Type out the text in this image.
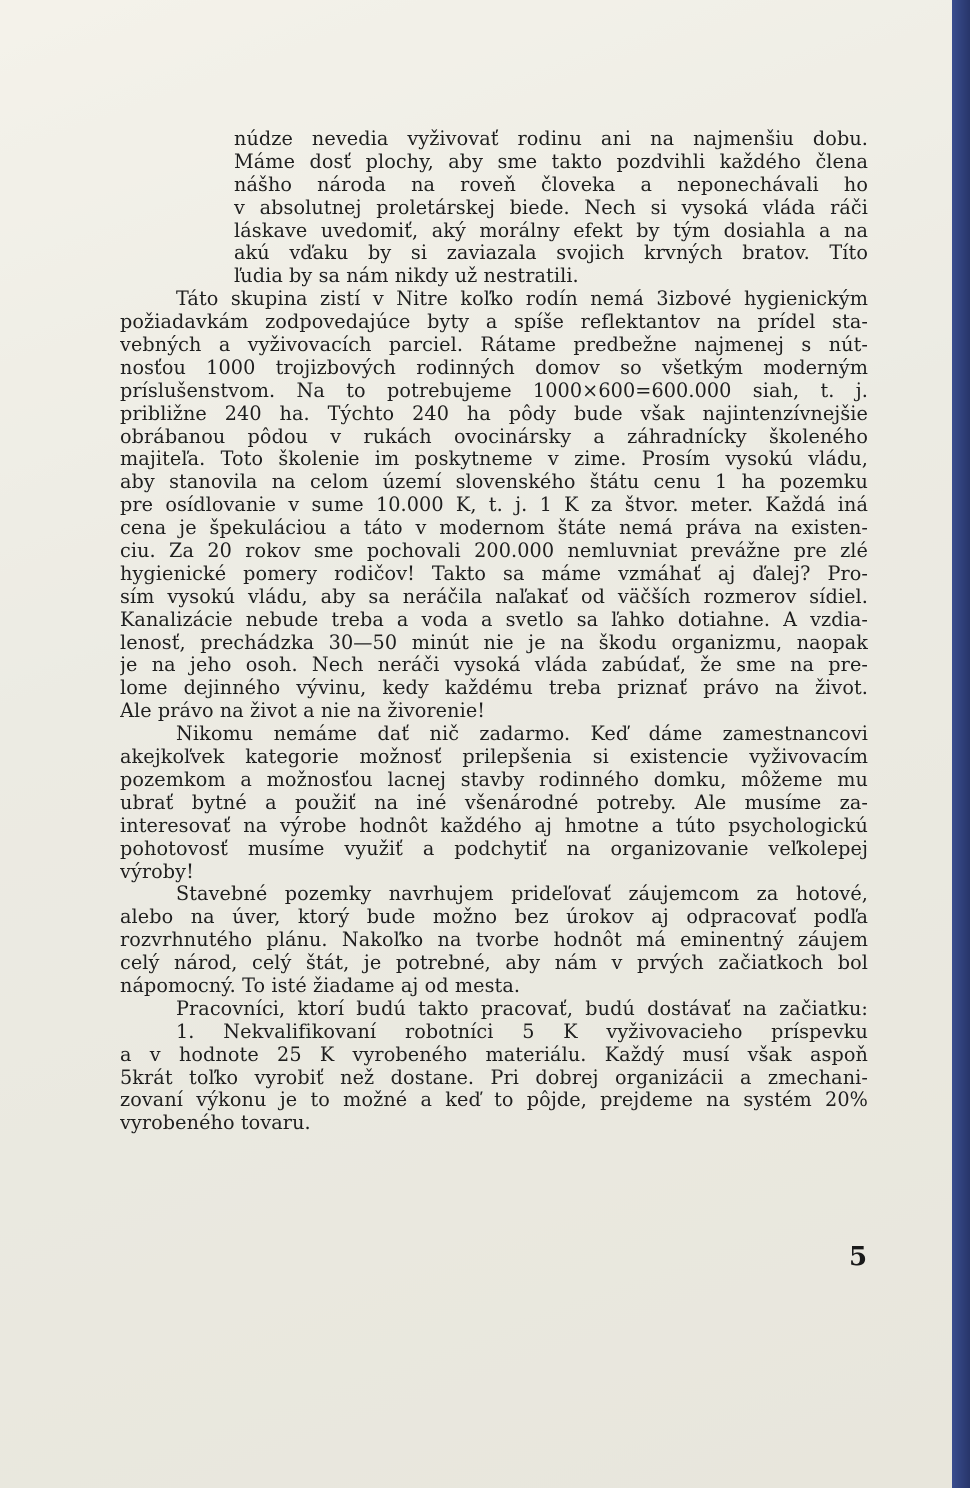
núdze nevedia vyživovať rodinu ani na najmenšiu dobu.
Máme dosť plochy, aby sme takto pozdvihli každého člena
nášho národa na roveň človeka a neponechávali ho
v absolutnej proletárskej biede. Nech si vysoká vláda ráči
láskave uvedomiť, aký morálny efekt by tým dosiahla a na
akú vďaku by si zaviazala svojich krvných bratov. Títo
ľudia by sa nám nikdy už nestratili.
Táto skupina zistí v Nitre koľko rodín nemá 3izbové hygienickým
požiadavkám zodpovedajúce byty a spíše reflektantov na prídel sta-
vebných a vyživovacích parciel. Rátame predbežne najmenej s nút-
nosťou 1000 trojizbových rodinných domov so všetkým moderným
príslušenstvom. Na to potrebujeme 1000×600=600.000 siah, t. j.
približne 240 ha. Týchto 240 ha pôdy bude však najintenzívnejšie
obrábanou pôdou v rukách ovocinársky a záhradnícky školeného
majiteľa. Toto školenie im poskytneme v zime. Prosím vysokú vládu,
aby stanovila na celom území slovenského štátu cenu 1 ha pozemku
pre osídlovanie v sume 10.000 K, t. j. 1 K za štvor. meter. Každá iná
cena je špekuláciou a táto v modernom štáte nemá práva na existen-
ciu. Za 20 rokov sme pochovali 200.000 nemluvniat prevážne pre zlé
hygienické pomery rodičov! Takto sa máme vzmáhať aj ďalej? Pro-
sím vysokú vládu, aby sa neráčila naľakať od väčších rozmerov sídiel.
Kanalizácie nebude treba a voda a svetlo sa ľahko dotiahne. A vzdia-
lenosť, prechádzka 30—50 minút nie je na škodu organizmu, naopak
je na jeho osoh. Nech neráči vysoká vláda zabúdať, že sme na pre-
lome dejinného vývinu, kedy každému treba priznať právo na život.
Ale právo na život a nie na živorenie!
Nikomu nemáme dať nič zadarmo. Keď dáme zamestnancovi
akejkoľvek kategorie možnosť prilepšenia si existencie vyživovacím
pozemkom a možnosťou lacnej stavby rodinného domku, môžeme mu
ubrať bytné a použiť na iné všenárodné potreby. Ale musíme za-
interesovať na výrobe hodnôt každého aj hmotne a túto psychologickú
pohotovosť musíme využiť a podchytiť na organizovanie veľkolepej
výroby!
Stavebné pozemky navrhujem prideľovať záujemcom za hotové,
alebo na úver, ktorý bude možno bez úrokov aj odpracovať podľa
rozvrhnutého plánu. Nakoľko na tvorbe hodnôt má eminentný záujem
celý národ, celý štát, je potrebné, aby nám v prvých začiatkoch bol
nápomocný. To isté žiadame aj od mesta.
Pracovníci, ktorí budú takto pracovať, budú dostávať na začiatku:
1. Nekvalifikovaní robotníci 5 K vyživovacieho príspevku
a v hodnote 25 K vyrobeného materiálu. Každý musí však aspoň
5krát toľko vyrobiť než dostane. Pri dobrej organizácii a zmechani-
zovaní výkonu je to možné a keď to pôjde, prejdeme na systém 20%
vyrobeného tovaru.
5
